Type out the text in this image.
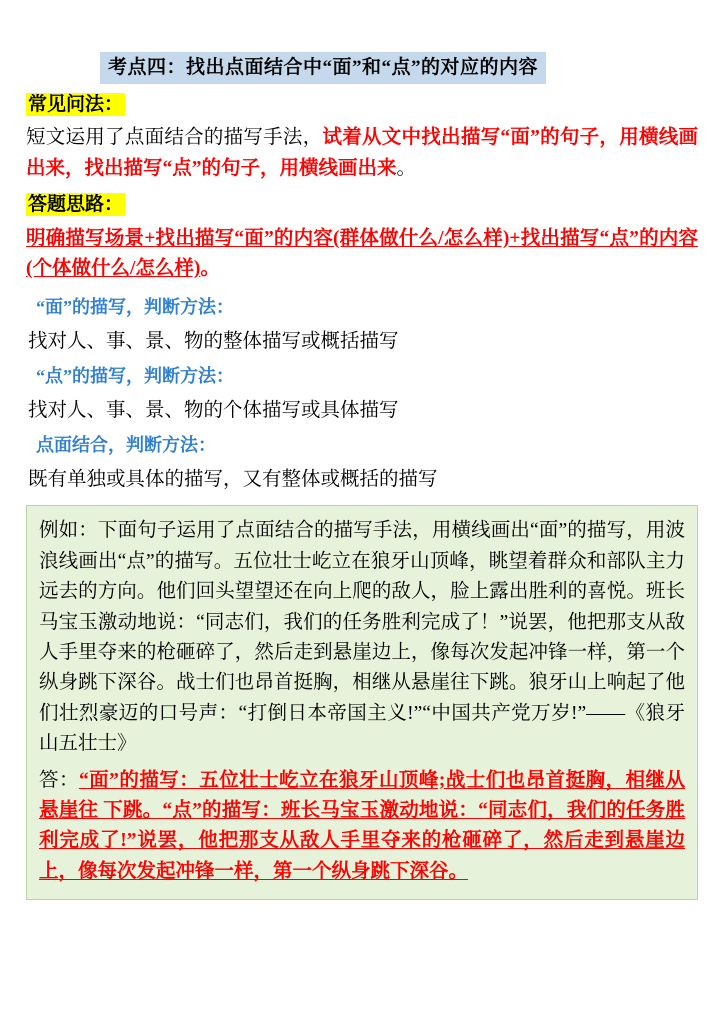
考点四：找出点面结合中“面”和“点”的对应的内容
常见问法：
短文运用了点面结合的描写手法，试着从文中找出描写“面”的句子，用横线画出来，找出描写“点”的句子，用横线画出来。
答题思路：
明确描写场景+找出描写“面”的内容(群体做什么/怎么样)+找出描写“点”的内容(个体做什么/怎么样)。
“面”的描写，判断方法：
找对人、事、景、物的整体描写或概括描写
“点”的描写，判断方法：
找对人、事、景、物的个体描写或具体描写
点面结合，判断方法：
既有单独或具体的描写，又有整体或概括的描写
例如：下面句子运用了点面结合的描写手法，用横线画出“面”的描写，用波浪线画出“点”的描写。五位壮士屹立在狼牙山顶峰，眺望着群众和部队主力远去的方向。他们回头望望还在向上爬的敌人，脸上露出胜利的喜悦。班长马宝玉激动地说：“同志们，我们的任务胜利完成了！”说罢，他把那支从敌人手里夺来的枪砸碎了，然后走到悬崖边上，像每次发起冲锋一样，第一个纵身跳下深谷。战士们也昂首挺胸，相继从悬崖往下跳。狼牙山上响起了他们壮烈豪迈的口号声：“打倒日本帝国主义!”“中国共产党万岁!”——《狼牙山五壮士》
答：“面”的描写：五位壮士屹立在狼牙山顶峰;战士们也昂首挺胸，相继从悬崖往 下跳。“点”的描写：班长马宝玉激动地说：“同志们，我们的任务胜利完成了!”说罢，他把那支从敌人手里夺来的枪砸碎了，然后走到悬崖边上，像每次发起冲锋一样，第一个纵身跳下深谷。
